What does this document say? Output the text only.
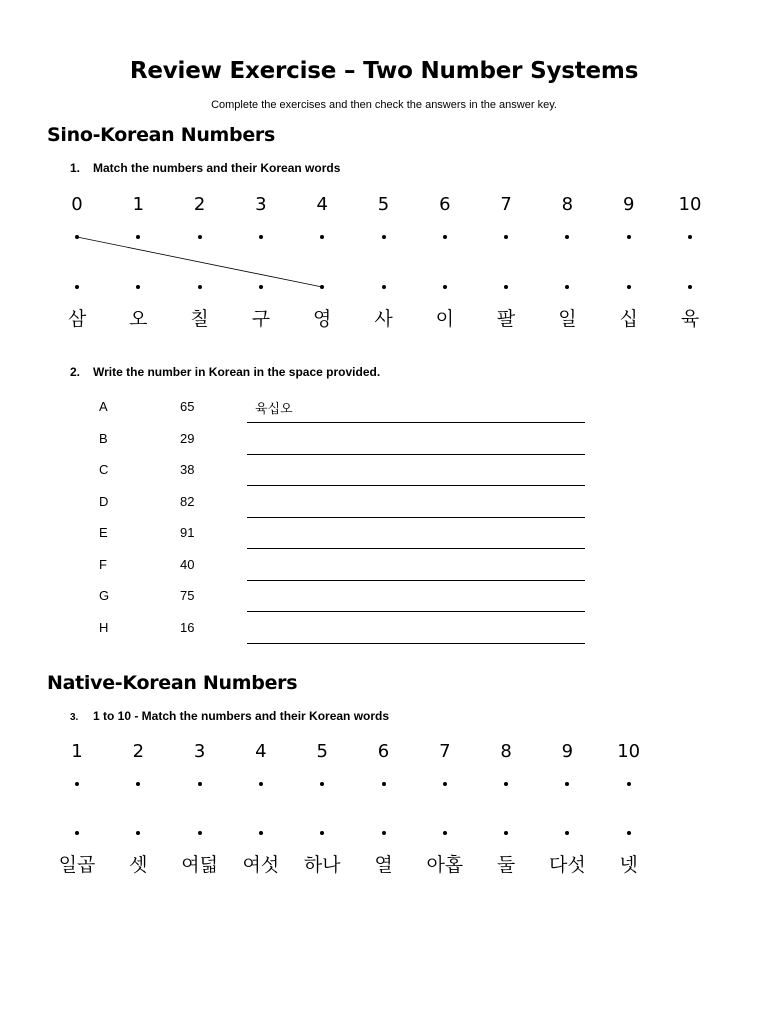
Review Exercise – Two Number Systems
Complete the exercises and then check the answers in the answer key.
Sino-Korean Numbers
1. Match the numbers and their Korean words
0	1	2	3	4	5	6	7	8	9 10
삼 오 칠 구 영 사 이 팔 일 십 육
2. Write the number in Korean in the space provided.
A	65	육십오
B	29
C	38
D	82
E	91
F	40
G	75
H	16
Native-Korean Numbers
3. 1 to 10 - Match the numbers and their Korean words
1	2	3	4	5	6	7	8	9 10
일곱 셋 여덟 여섯 하나 열 아홉 둘 다섯 넷
